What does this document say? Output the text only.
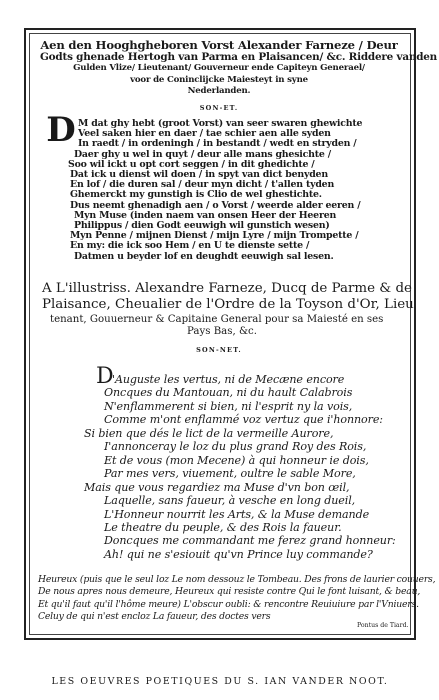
Aen den Hooghgheboren Vorst Alexander Farneze / Deur
Godts ghenade Hertogh van Parma en Plaisancen/ &c. Riddere vanden
Gulden Vlize/ Lieutenant/ Gouverneur ende Capiteyn Generael/
voor de Coninclijcke Maiesteyt in syne
Nederlanden.
SON-ET.
D M dat ghy hebt (groot Vorst) van seer swaren ghewichte
Veel saken hier en daer / tae schier aen alle syden
In raedt / in ordeningh / in bestandt / wedt en stryden /
Daer ghy u wel in quyt / deur alle mans ghesichte /
Soo wil ickt u opt cort seggen / in dit ghedichte /
Dat ick u dienst wil doen / in spyt van dict benyden
En lof / die duren sal / deur myn dicht / t'allen tyden
Ghemerckt my gunstigh is Clio de wel ghestichte.
Dus neemt ghenadigh aen / o Vorst / weerde alder eeren /
Myn Muse (inden naem van onsen Heer der Heeren
Philippus / dien Godt eeuwigh wil gunstich wesen)
Myn Penne / mijnen Dienst / mijn Lyre / mijn Trompette /
En my: die ick soo Hem / en U te dienste sette /
Datmen u beyder lof en deughdt eeuwigh sal lesen.
A L'illustriss. Alexandre Farneze, Ducq de Parme & de
Plaisance, Cheualier de l'Ordre de la Toyson d'Or, Lieu
tenant, Gouuerneur & Capitaine General pour sa Maiesté en ses
Pays Bas, &c.
SON-NET.
D
'Auguste les vertus, ni de Mecæne encore
Oncques du Mantouan, ni du hault Calabrois
N'enflammerent si bien, ni l'esprit ny la vois,
Comme m'ont enflammé voz vertuz que i'honnore:
Si bien que dés le lict de la vermeille Aurore,
I'annonceray le loz du plus grand Roy des Rois,
Et de vous (mon Mecene) à qui honneur ie dois,
Par mes vers, viuement, oultre le sable More,
Mais que vous regardiez ma Muse d'vn bon œil,
Laquelle, sans faueur, à vesche en long dueil,
L'Honneur nourrit les Arts, & la Muse demande
Le theatre du peuple, & des Rois la faueur.
Doncques me commandant me ferez grand honneur:
Ah! qui ne s'esiouit qu'vn Prince luy commande?
Heureux (puis que le seul loz Le nom dessouz le Tombeau. Des frons de laurier couuers,
De nous apres nous demeure, Heureux qui resiste contre Qui le font luisant, & beau,
Et qu'il faut qu'il l'hôme meure) L'obscur oubli: & rencontre Reuiuiure par l'Vniuers.
Celuy de qui n'est encloz La faueur, des doctes vers
Pontus de Tiard.
LES OEUVRES POETIQUES DU S. IAN VANDER NOOT.
